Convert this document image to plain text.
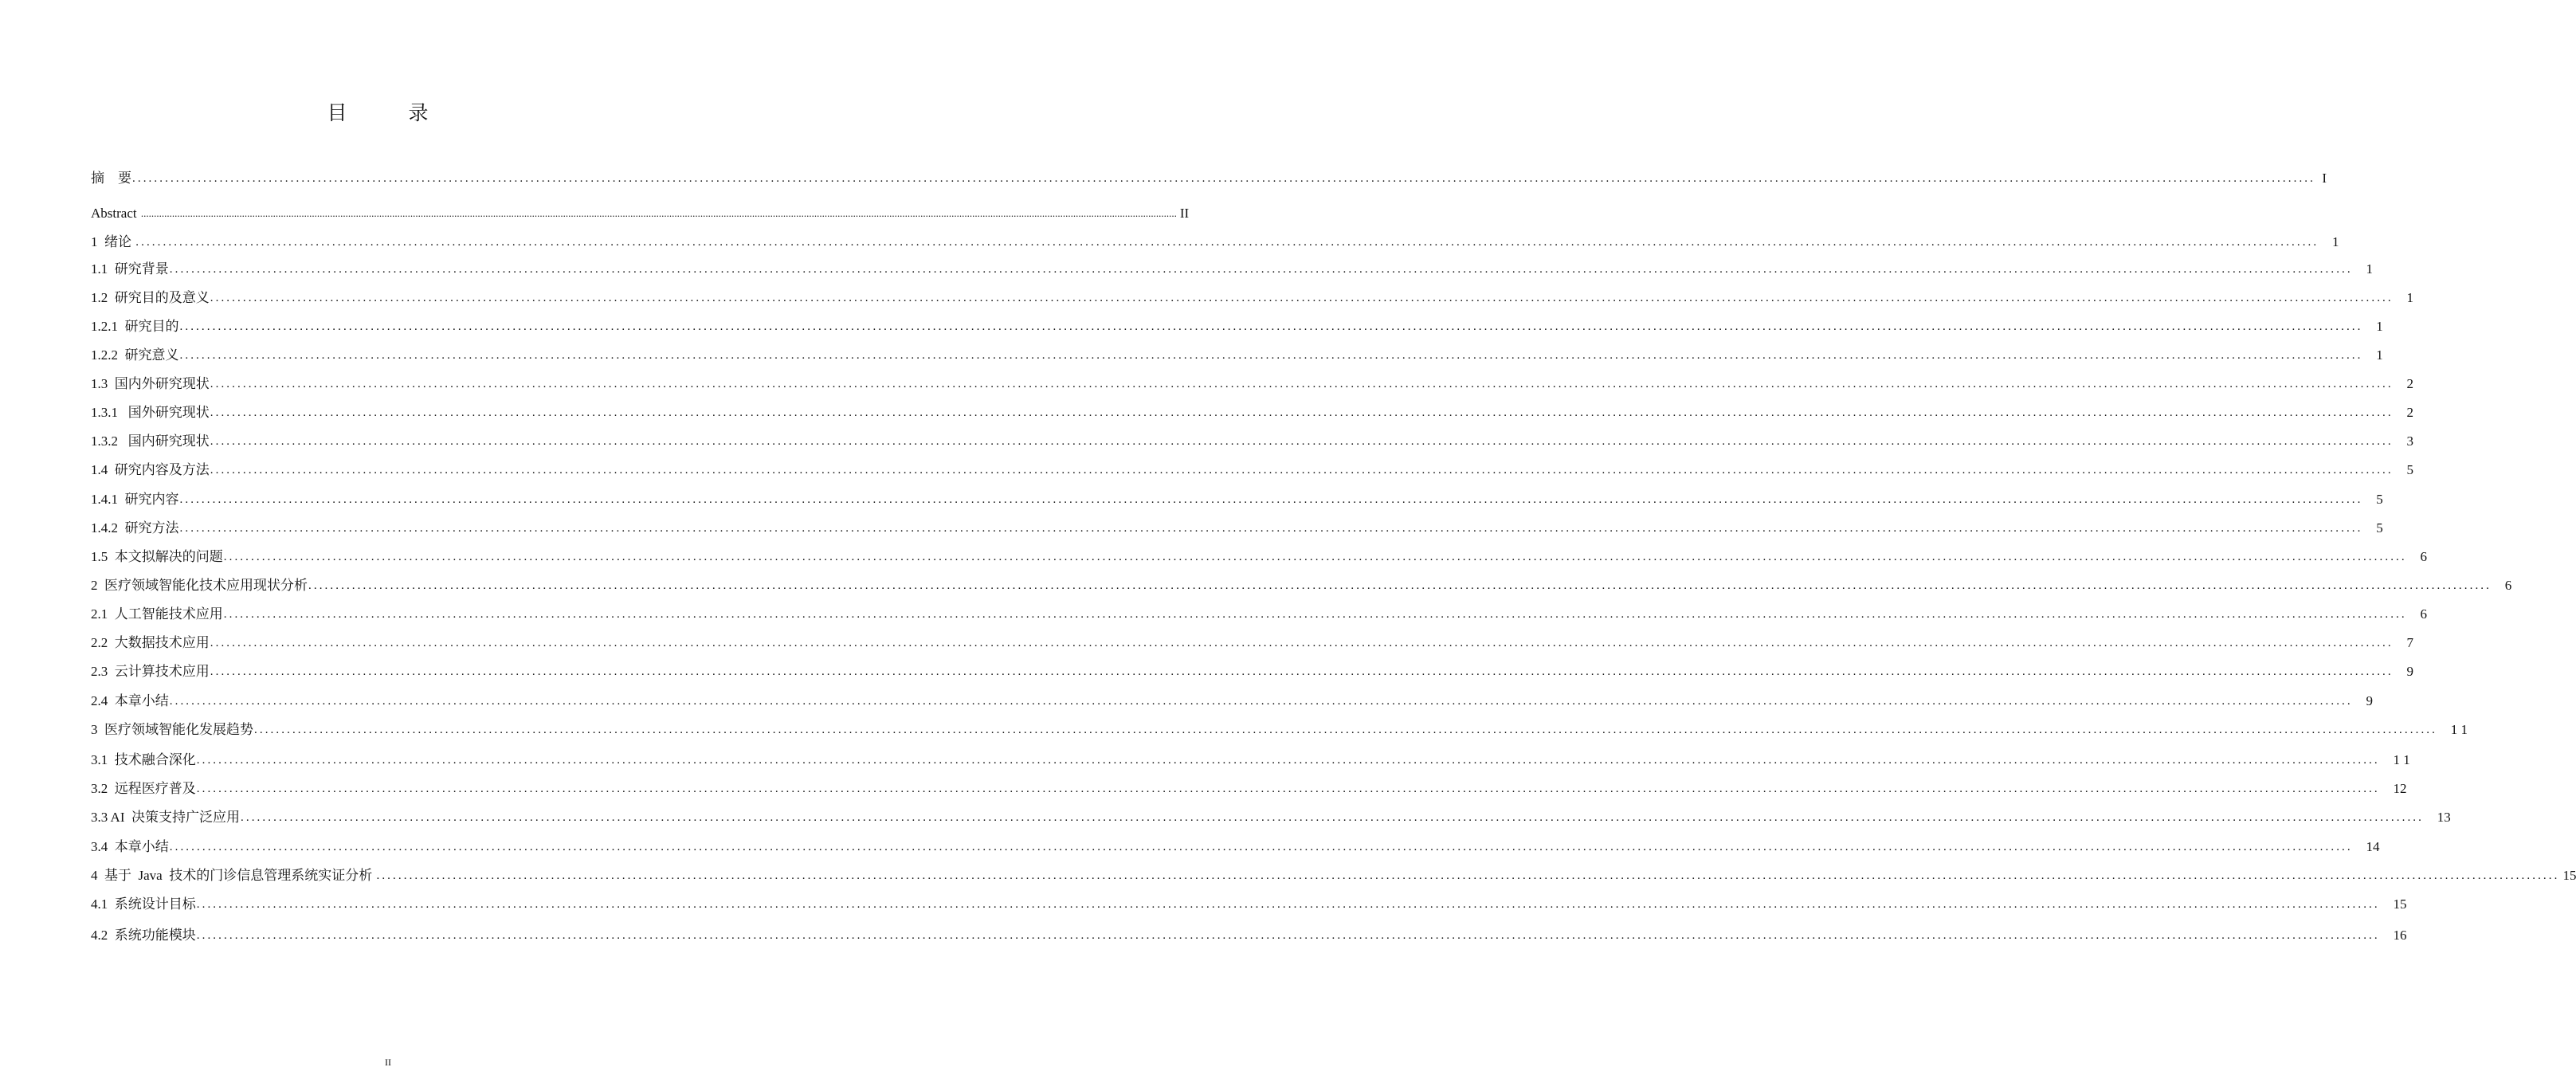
目　录
摘　要 ................................................................................................................................................................................................................................................................................................................................................................................................................ I
Abstract ................................................................................................................................................................................................................................................................................................................................................................................................................ II
1  绪论 ................................................................................................................................................................................................................................................................................................................................................................................................................ 1
1.1  研究背景 ................................................................................................................................................................................................................................................................................................................................................................................................................ 1
1.2  研究目的及意义 ................................................................................................................................................................................................................................................................................................................................................................................................................ 1
1.2.1  研究目的 ................................................................................................................................................................................................................................................................................................................................................................................................................ 1
1.2.2  研究意义 ................................................................................................................................................................................................................................................................................................................................................................................................................ 1
1.3  国内外研究现状 ................................................................................................................................................................................................................................................................................................................................................................................................................ 2
1.3.1   国外研究现状 ................................................................................................................................................................................................................................................................................................................................................................................................................ 2
1.3.2   国内研究现状 ................................................................................................................................................................................................................................................................................................................................................................................................................ 3
1.4  研究内容及方法 ................................................................................................................................................................................................................................................................................................................................................................................................................ 5
1.4.1  研究内容 ................................................................................................................................................................................................................................................................................................................................................................................................................ 5
1.4.2  研究方法 ................................................................................................................................................................................................................................................................................................................................................................................................................ 5
1.5  本文拟解决的问题 ................................................................................................................................................................................................................................................................................................................................................................................................................ 6
2  医疗领域智能化技术应用现状分析 ................................................................................................................................................................................................................................................................................................................................................................................................................ 6
2.1  人工智能技术应用 ................................................................................................................................................................................................................................................................................................................................................................................................................ 6
2.2  大数据技术应用 ................................................................................................................................................................................................................................................................................................................................................................................................................ 7
2.3  云计算技术应用 ................................................................................................................................................................................................................................................................................................................................................................................................................ 9
2.4  本章小结 ................................................................................................................................................................................................................................................................................................................................................................................................................ 9
3  医疗领域智能化发展趋势 ................................................................................................................................................................................................................................................................................................................................................................................................................ 1 1
3.1  技术融合深化 ................................................................................................................................................................................................................................................................................................................................................................................................................ 1 1
3.2  远程医疗普及 ................................................................................................................................................................................................................................................................................................................................................................................................................ 12
3.3 AI  决策支持广泛应用 ................................................................................................................................................................................................................................................................................................................................................................................................................ 13
3.4  本章小结 ................................................................................................................................................................................................................................................................................................................................................................................................................ 14
4  基于  Java  技术的门诊信息管理系统实证分析 ................................................................................................................................................................................................................................................................................................................................................................................................................ 15
4.1  系统设计目标 ................................................................................................................................................................................................................................................................................................................................................................................................................ 15
4.2  系统功能模块 ................................................................................................................................................................................................................................................................................................................................................................................................................ 16
II
